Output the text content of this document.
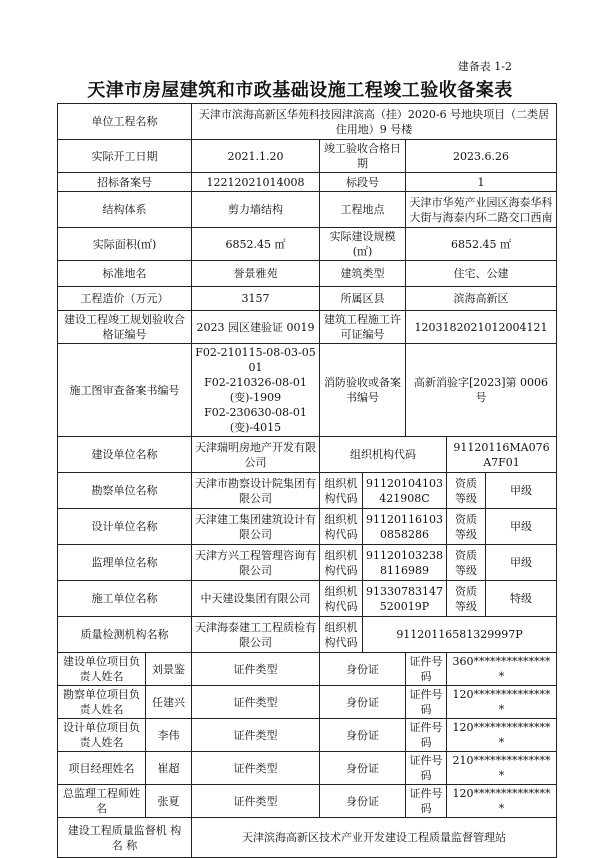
建备表 1-2
天津市房屋建筑和市政基础设施工程竣工验收备案表
单位工程名称		天津市滨海高新区华苑科技园津滨高（挂）2020-6 号地块项目（二类居住用地）9 号楼					
实际开工日期		2021.1.20	竣工验收合格日期		2023.6.26		
招标备案号		12212021014008	标段号		1		
结构体系		剪力墙结构	工程地点		天津市华苑产业园区海泰华科大街与海泰内环二路交口西南		
实际面积(㎡)		6852.45 ㎡	实际建设规模(㎡)		6852.45 ㎡		
标准地名		誉景雅苑	建筑类型		住宅、公建		
工程造价（万元）		3157	所属区县		滨海高新区		
建设工程竣工规划验收合格证编号		2023 园区建验证 0019	建筑工程施工许可证编号		12031820210120041​21		
施工图审查备案书编号		F02-210115-08-03-0501
F02-210326-08-01(变)-1909
F02-230630-08-01(变)-4015	消防验收或备案书编号		高新消验字[2023]第 0006 号		
建设单位名称		天津瑞明房地产开发有限公司	组织机构代码			91120116MA076A7F01	
勘察单位名称		天津市勘察设计院集团有限公司	组织机构代码	91120104103421908C		资质等级	甲级
设计单位名称		天津建工集团建筑设计有限公司	组织机构代码	911201161030858286		资质等级	甲级
监理单位名称		天津方兴工程管理咨询有限公司	组织机构代码	911201032388116989		资质等级	甲级
施工单位名称		中天建设集团有限公司	组织机构代码	91330783147520019P		资质等级	特级
质量检测机构名称		天津海泰建工工程质检有限公司	组织机构代码	91120116581329997P			
建设单位项目负责人姓名	刘景鉴	证件类型	身份证		证件号码	360***************	
勘察单位项目负责人姓名	任建兴	证件类型	身份证		证件号码	120***************	
设计单位项目负责人姓名	李伟	证件类型	身份证		证件号码	120***************	
项目经理姓名	崔超	证件类型	身份证		证件号码	210***************	
总监理工程师姓名	张夏	证件类型	身份证		证件号码	120***************	
建设工程质量监督机 构 名 称		天津滨海高新区技术产业开发建设工程质量监督管理站					
